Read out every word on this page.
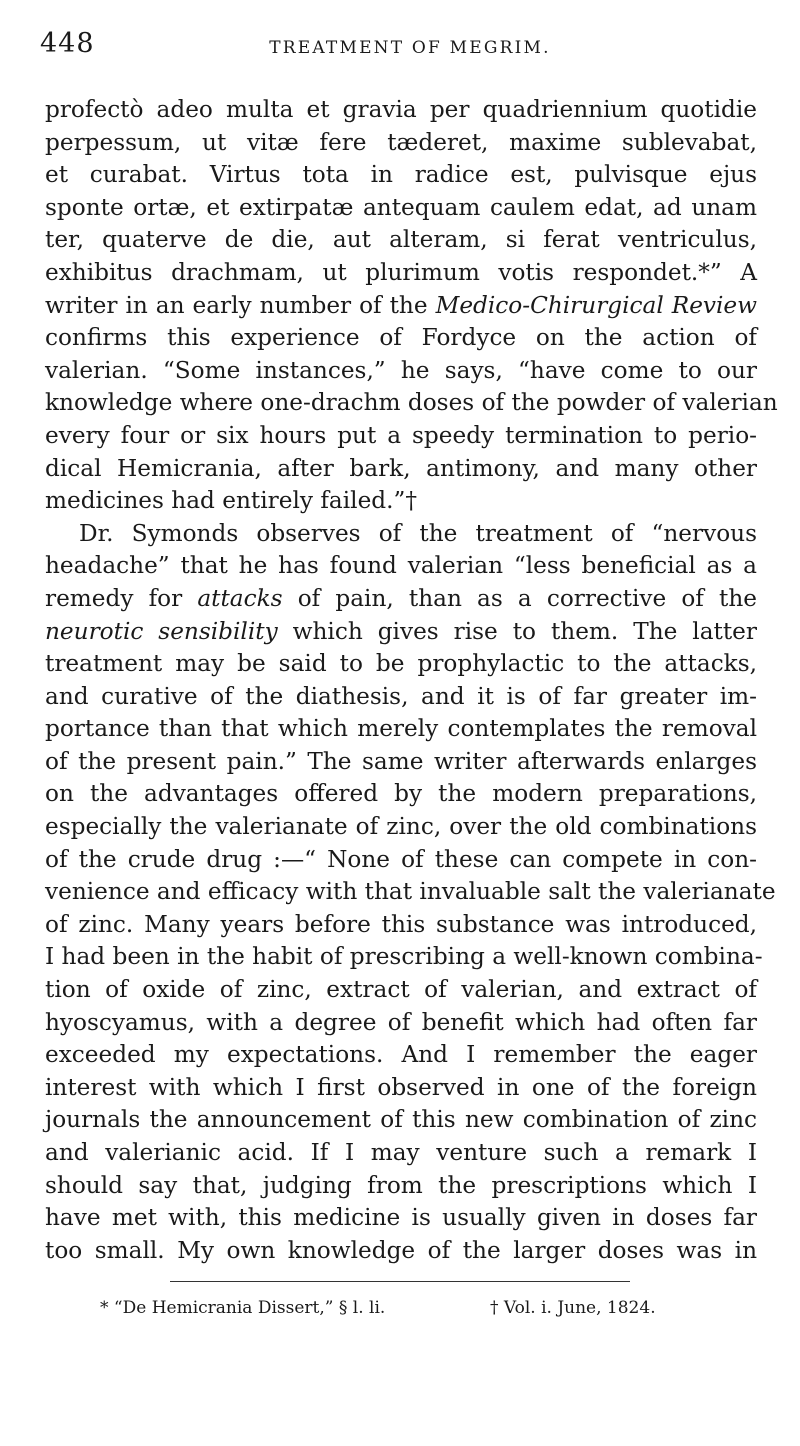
448	TREATMENT OF MEGRIM.
profectò adeo multa et gravia per quadriennium quotidie
perpessum, ut vitæ fere tæderet, maxime sublevabat,
et curabat. Virtus tota in radice est, pulvisque ejus
sponte ortæ, et extirpatæ antequam caulem edat, ad unam
ter, quaterve de die, aut alteram, si ferat ventriculus,
exhibitus drachmam, ut plurimum votis respondet.*” A
writer in an early number of the Medico-Chirurgical Review
confirms this experience of Fordyce on the action of
valerian. “Some instances,” he says, “have come to our
knowledge where one-drachm doses of the powder of valerian
every four or six hours put a speedy termination to perio-
dical Hemicrania, after bark, antimony, and many other
medicines had entirely failed.”†
Dr. Symonds observes of the treatment of “nervous
headache” that he has found valerian “less beneficial as a
remedy for attacks of pain, than as a corrective of the
neurotic sensibility which gives rise to them. The latter
treatment may be said to be prophylactic to the attacks,
and curative of the diathesis, and it is of far greater im-
portance than that which merely contemplates the removal
of the present pain.” The same writer afterwards enlarges
on the advantages offered by the modern preparations,
especially the valerianate of zinc, over the old combinations
of the crude drug :—“ None of these can compete in con-
venience and efficacy with that invaluable salt the valerianate
of zinc. Many years before this substance was introduced,
I had been in the habit of prescribing a well-known combina-
tion of oxide of zinc, extract of valerian, and extract of
hyoscyamus, with a degree of benefit which had often far
exceeded my expectations. And I remember the eager
interest with which I first observed in one of the foreign
journals the announcement of this new combination of zinc
and valerianic acid. If I may venture such a remark I
should say that, judging from the prescriptions which I
have met with, this medicine is usually given in doses far
too small. My own knowledge of the larger doses was in
* “De Hemicrania Dissert,” § l. li.	† Vol. i. June, 1824.
